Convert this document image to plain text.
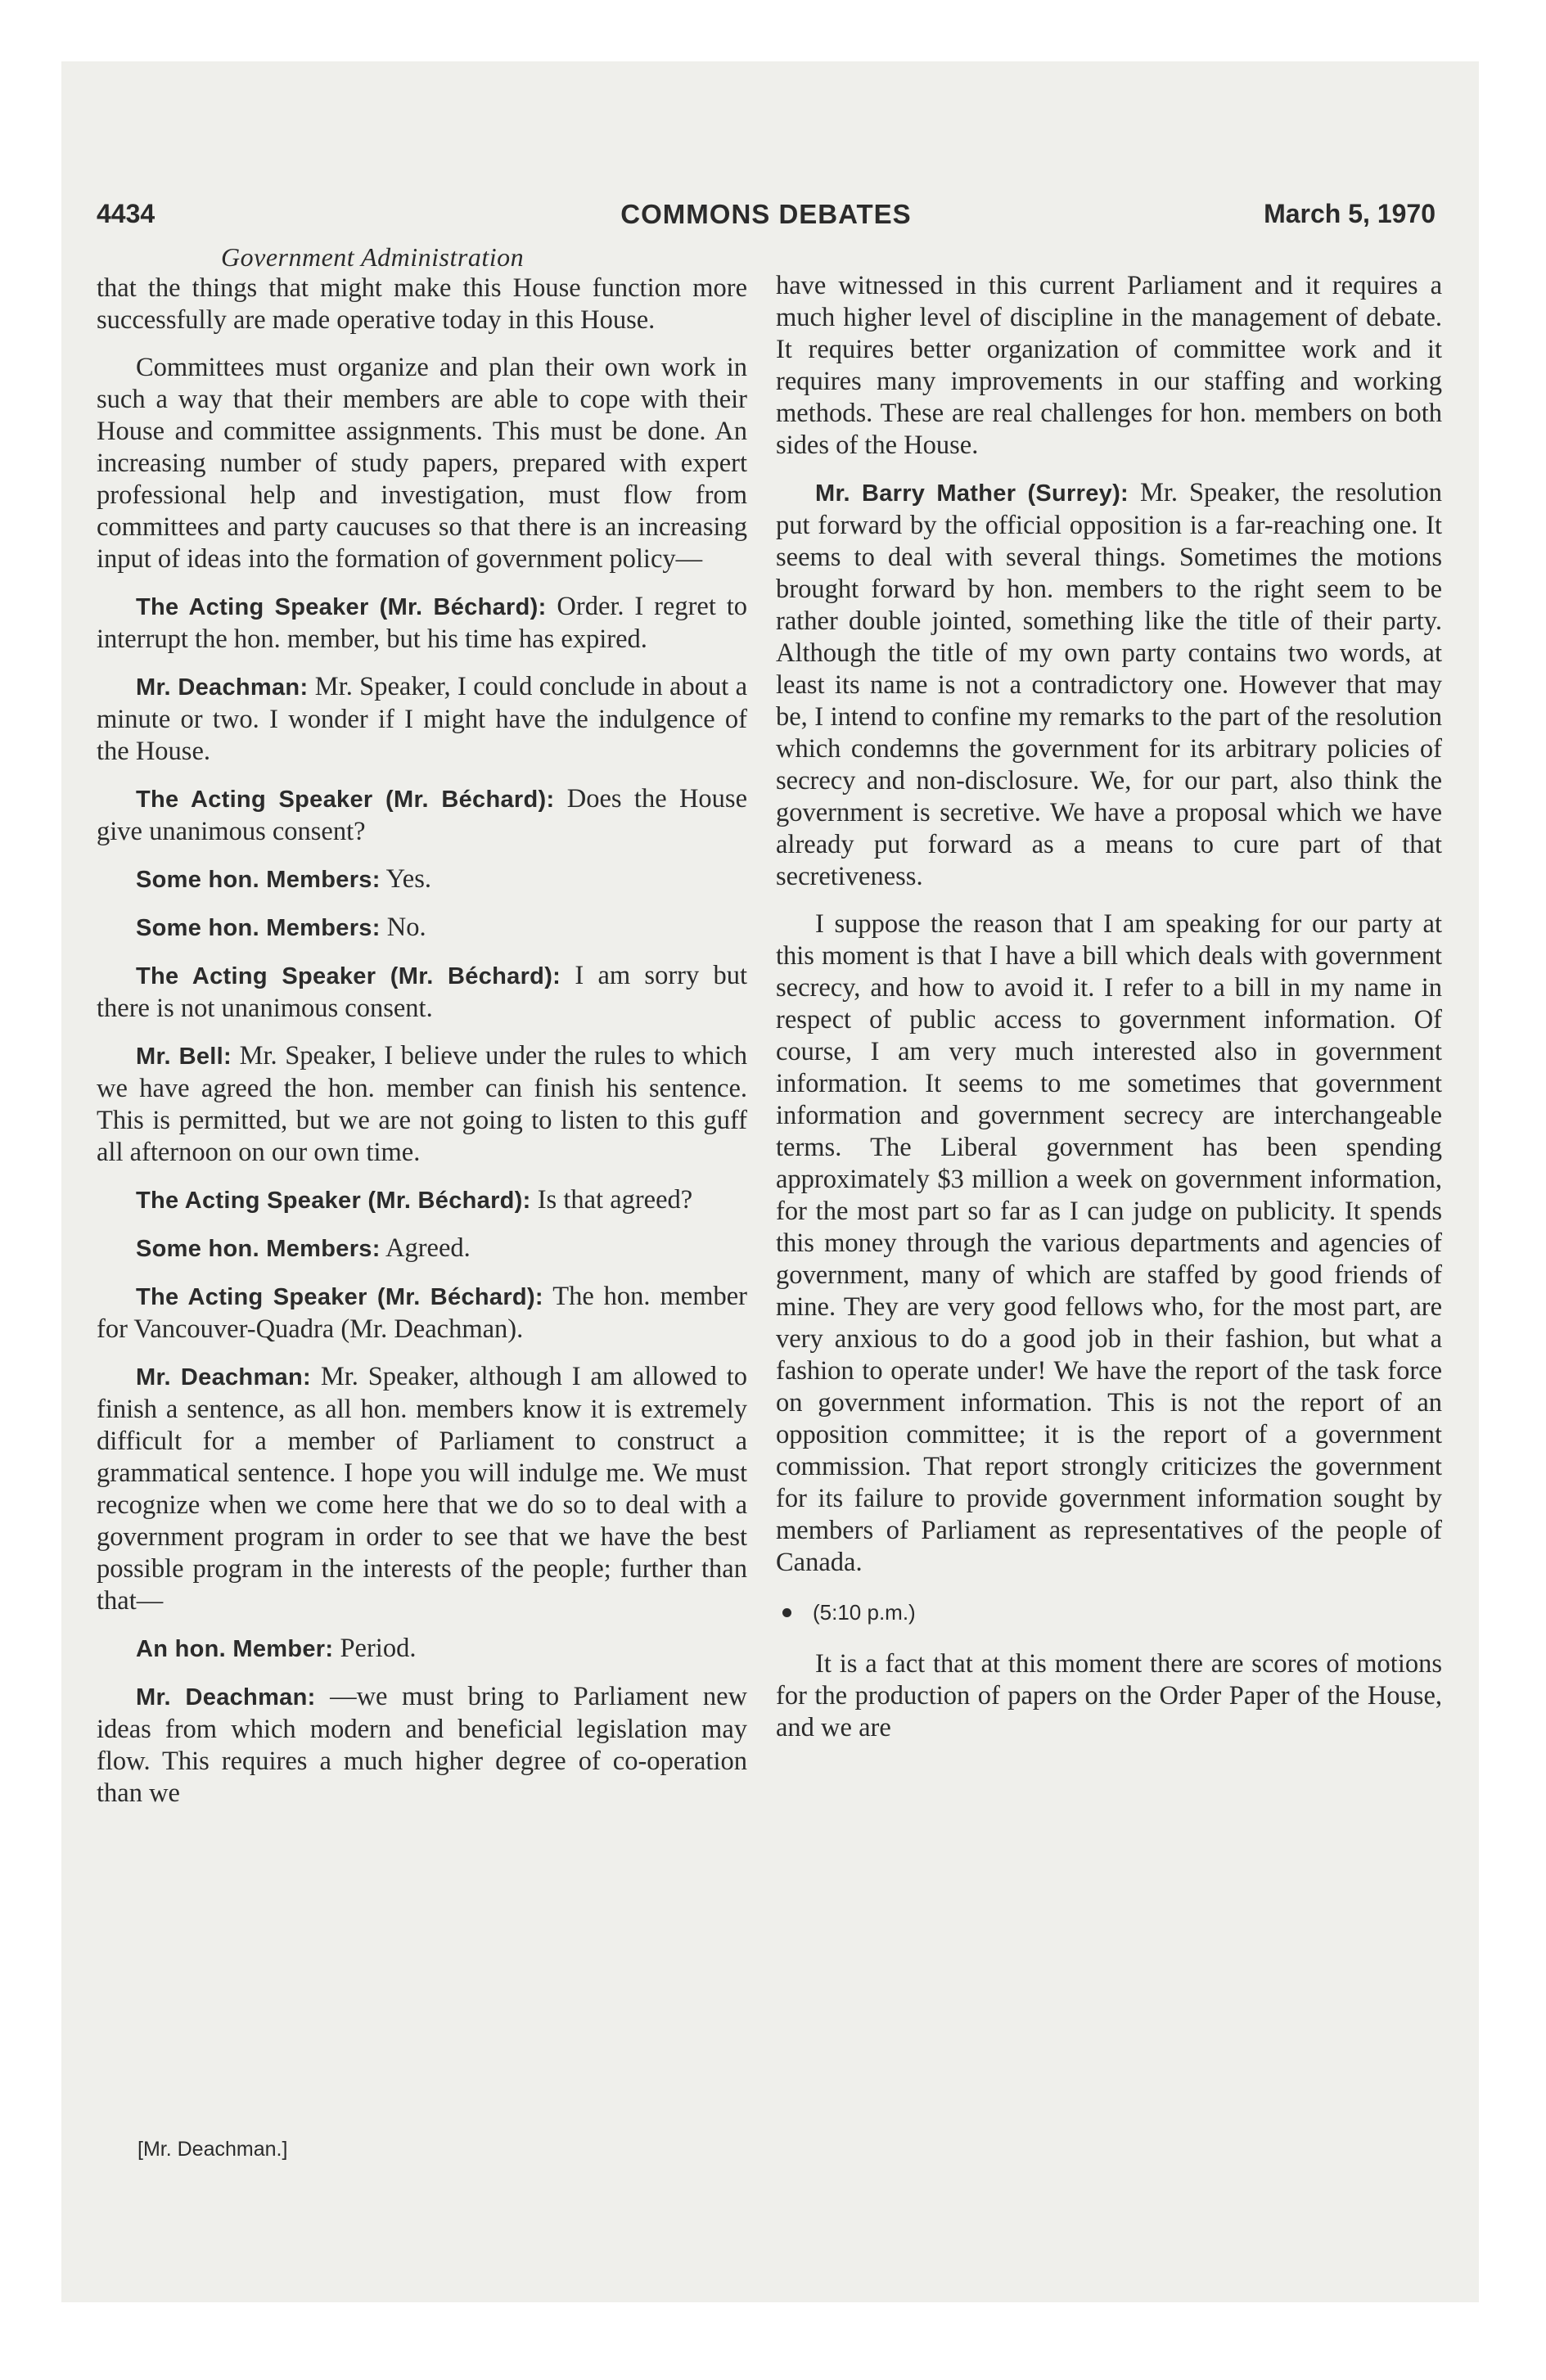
4434	COMMONS DEBATES	March 5, 1970
Government Administration

that the things that might make this House function more successfully are made operative today in this House.

Committees must organize and plan their own work in such a way that their members are able to cope with their House and committee assignments. This must be done. An increasing number of study papers, prepared with expert professional help and investigation, must flow from committees and party caucuses so that there is an increasing input of ideas into the formation of government policy—

The Acting Speaker (Mr. Béchard): Order. I regret to interrupt the hon. member, but his time has expired.

Mr. Deachman: Mr. Speaker, I could conclude in about a minute or two. I wonder if I might have the indulgence of the House.

The Acting Speaker (Mr. Béchard): Does the House give unanimous consent?

Some hon. Members: Yes.

Some hon. Members: No.

The Acting Speaker (Mr. Béchard): I am sorry but there is not unanimous consent.

Mr. Bell: Mr. Speaker, I believe under the rules to which we have agreed the hon. member can finish his sentence. This is permitted, but we are not going to listen to this guff all afternoon on our own time.

The Acting Speaker (Mr. Béchard): Is that agreed?

Some hon. Members: Agreed.

The Acting Speaker (Mr. Béchard): The hon. member for Vancouver-Quadra (Mr. Deachman).

Mr. Deachman: Mr. Speaker, although I am allowed to finish a sentence, as all hon. members know it is extremely difficult for a member of Parliament to construct a grammatical sentence. I hope you will indulge me. We must recognize when we come here that we do so to deal with a government program in order to see that we have the best possible program in the interests of the people; further than that—

An hon. Member: Period.

Mr. Deachman: —we must bring to Parliament new ideas from which modern and beneficial legislation may flow. This requires a much higher degree of co-operation than we

[Mr. Deachman.]

have witnessed in this current Parliament and it requires a much higher level of discipline in the management of debate. It requires better organization of committee work and it requires many improvements in our staffing and working methods. These are real challenges for hon. members on both sides of the House.

Mr. Barry Mather (Surrey): Mr. Speaker, the resolution put forward by the official opposition is a far-reaching one. It seems to deal with several things. Sometimes the motions brought forward by hon. members to the right seem to be rather double jointed, something like the title of their party. Although the title of my own party contains two words, at least its name is not a contradictory one. However that may be, I intend to confine my remarks to the part of the resolution which condemns the government for its arbitrary policies of secrecy and non-disclosure. We, for our part, also think the government is secretive. We have a proposal which we have already put forward as a means to cure part of that secretiveness.

I suppose the reason that I am speaking for our party at this moment is that I have a bill which deals with government secrecy, and how to avoid it. I refer to a bill in my name in respect of public access to government information. Of course, I am very much interested also in government information. It seems to me sometimes that government information and government secrecy are interchangeable terms. The Liberal government has been spending approximately $3 million a week on government information, for the most part so far as I can judge on publicity. It spends this money through the various departments and agencies of government, many of which are staffed by good friends of mine. They are very good fellows who, for the most part, are very anxious to do a good job in their fashion, but what a fashion to operate under! We have the report of the task force on government information. This is not the report of an opposition committee; it is the report of a government commission. That report strongly criticizes the government for its failure to provide government information sought by members of Parliament as representatives of the people of Canada.

(5:10 p.m.)

It is a fact that at this moment there are scores of motions for the production of papers on the Order Paper of the House, and we are
